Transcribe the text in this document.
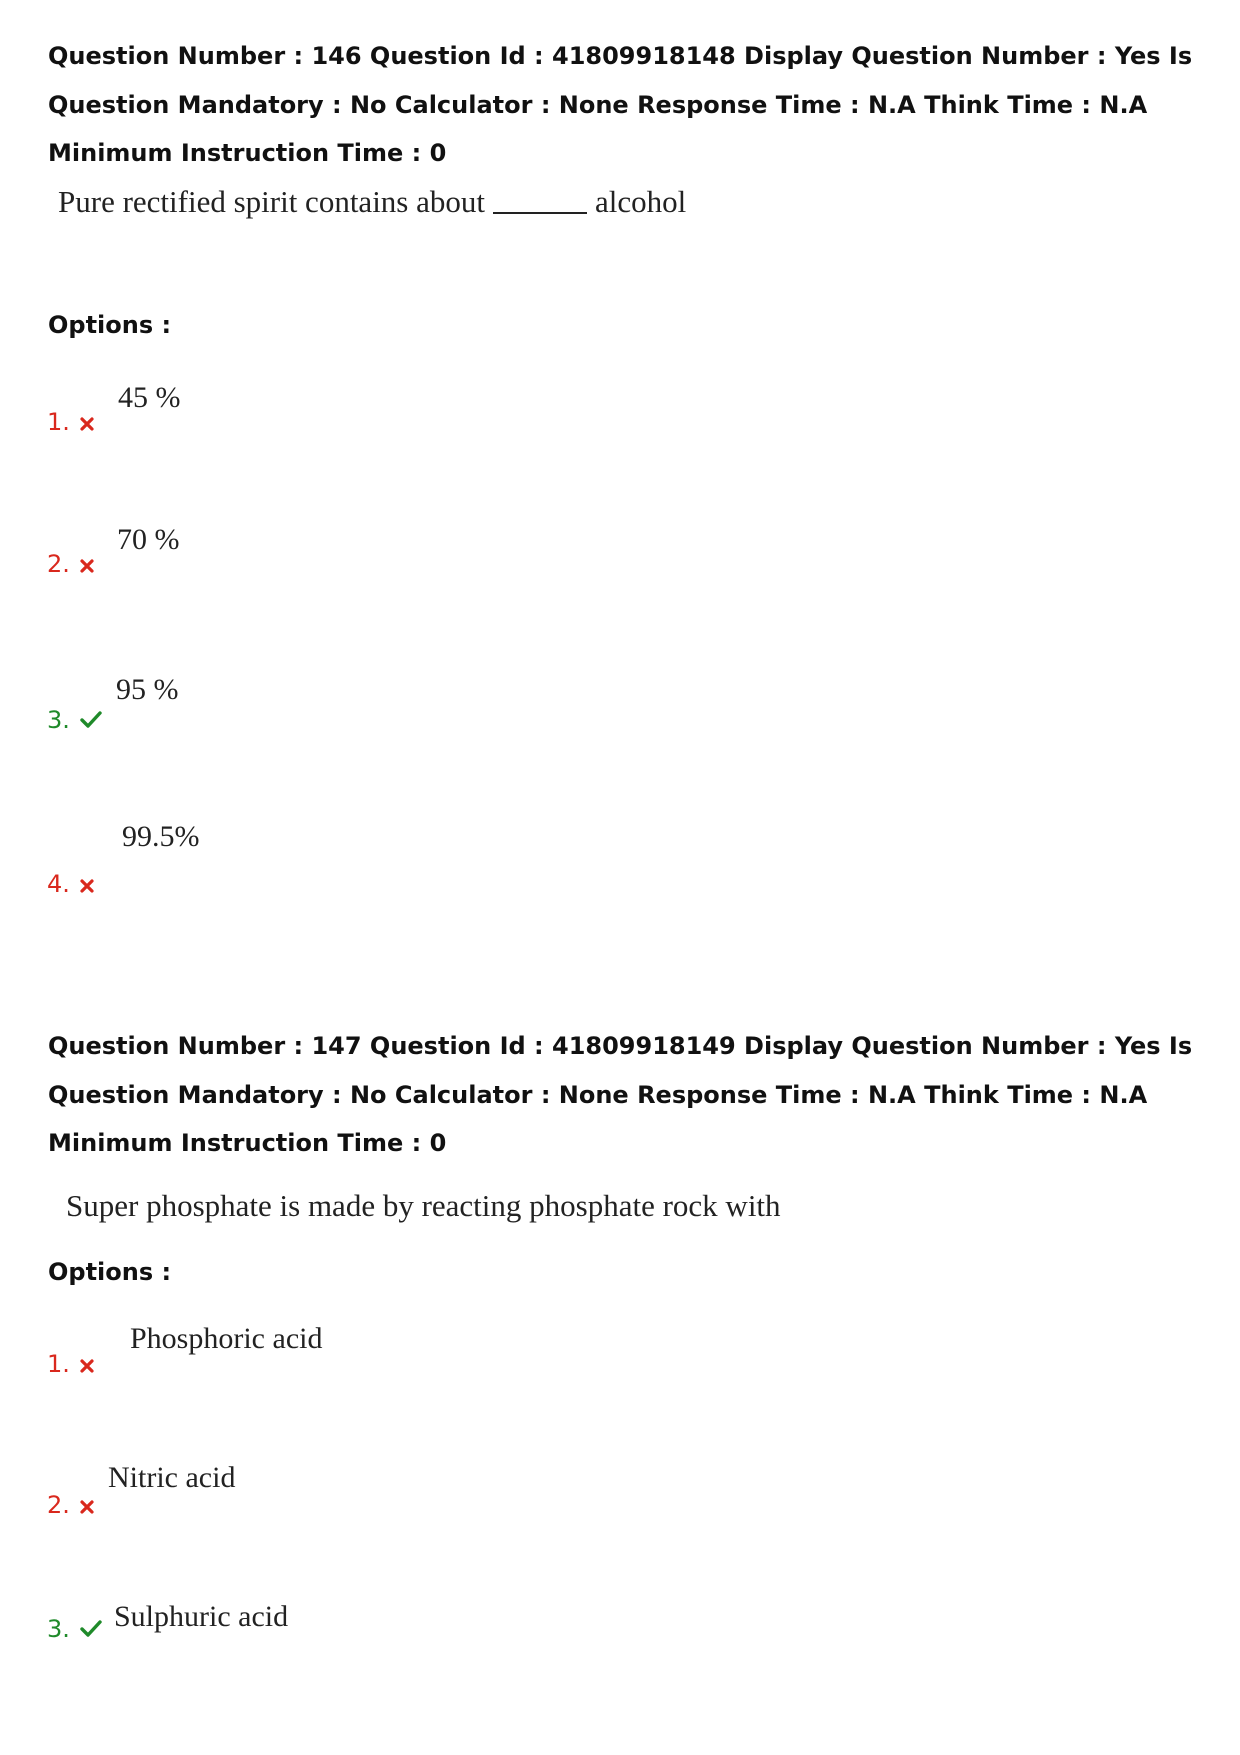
Question Number : 146 Question Id : 41809918148 Display Question Number : Yes Is Question Mandatory : No Calculator : None Response Time : N.A Think Time : N.A Minimum Instruction Time : 0
Pure rectified spirit contains about	alcohol
Options :
1.
45 %
2.
70 %
3.
95 %
4.
99.5%
Question Number : 147 Question Id : 41809918149 Display Question Number : Yes Is Question Mandatory : No Calculator : None Response Time : N.A Think Time : N.A Minimum Instruction Time : 0
Super phosphate is made by reacting phosphate rock with
Options :
1.
Phosphoric acid
2.
Nitric acid
3.	Sulphuric acid
